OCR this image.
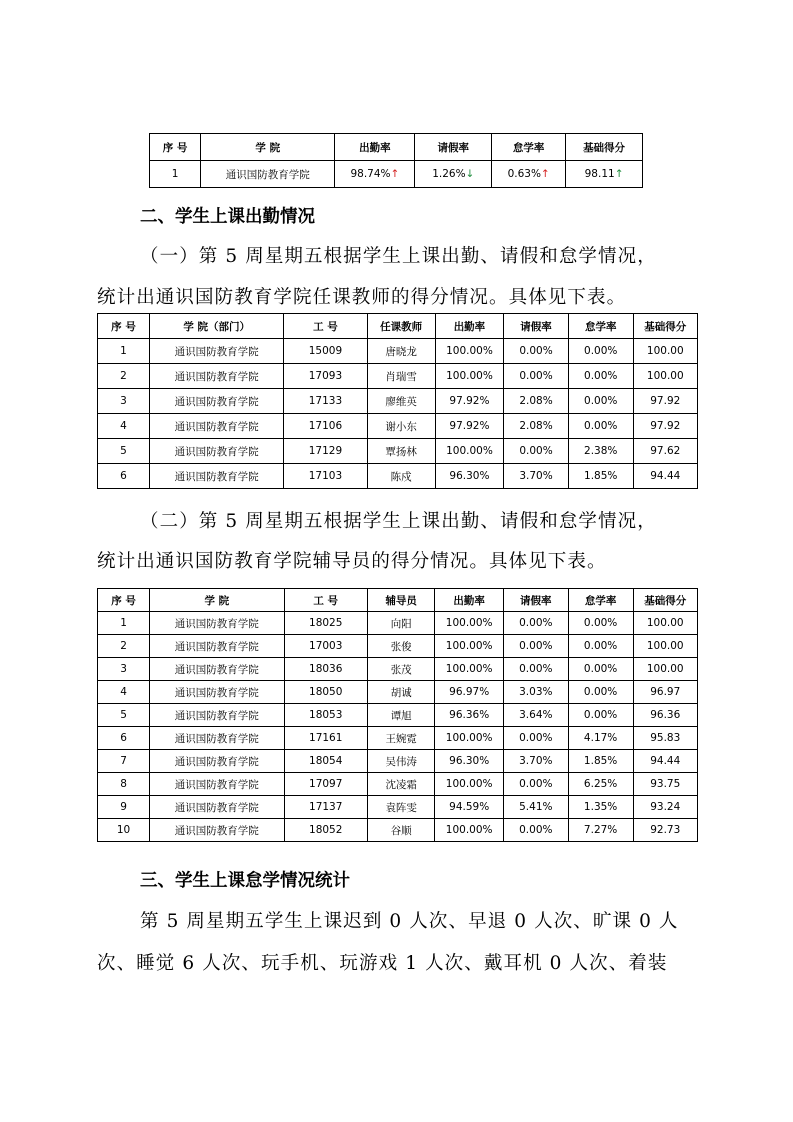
序 号	学 院	出勤率	请假率	怠学率	基础得分
1	通识国防教育学院	98.74%↑	1.26%↓	0.63%↑	98.11↑
二、学生上课出勤情况
（一）第 5 周星期五根据学生上课出勤、请假和怠学情况，
统计出通识国防教育学院任课教师的得分情况。具体见下表。
序 号	学 院（部门）	工 号	任课教师	出勤率	请假率	怠学率	基础得分
1	通识国防教育学院	15009	唐晓龙	100.00%	0.00%	0.00%	100.00
2	通识国防教育学院	17093	肖瑞雪	100.00%	0.00%	0.00%	100.00
3	通识国防教育学院	17133	廖维英	97.92%	2.08%	0.00%	97.92
4	通识国防教育学院	17106	谢小东	97.92%	2.08%	0.00%	97.92
5	通识国防教育学院	17129	覃扬林	100.00%	0.00%	2.38%	97.62
6	通识国防教育学院	17103	陈戍	96.30%	3.70%	1.85%	94.44
（二）第 5 周星期五根据学生上课出勤、请假和怠学情况，
统计出通识国防教育学院辅导员的得分情况。具体见下表。
序 号	学 院	工 号	辅导员	出勤率	请假率	怠学率	基础得分
1	通识国防教育学院	18025	向阳	100.00%	0.00%	0.00%	100.00
2	通识国防教育学院	17003	张俊	100.00%	0.00%	0.00%	100.00
3	通识国防教育学院	18036	张茂	100.00%	0.00%	0.00%	100.00
4	通识国防教育学院	18050	胡诚	96.97%	3.03%	0.00%	96.97
5	通识国防教育学院	18053	谭旭	96.36%	3.64%	0.00%	96.36
6	通识国防教育学院	17161	王婉霓	100.00%	0.00%	4.17%	95.83
7	通识国防教育学院	18054	吴伟涛	96.30%	3.70%	1.85%	94.44
8	通识国防教育学院	17097	沈凌霜	100.00%	0.00%	6.25%	93.75
9	通识国防教育学院	17137	袁阵雯	94.59%	5.41%	1.35%	93.24
10	通识国防教育学院	18052	谷顺	100.00%	0.00%	7.27%	92.73
三、学生上课怠学情况统计
第 5 周星期五学生上课迟到 0 人次、早退 0 人次、旷课 0 人
次、睡觉 6 人次、玩手机、玩游戏 1 人次、戴耳机 0 人次、着装
